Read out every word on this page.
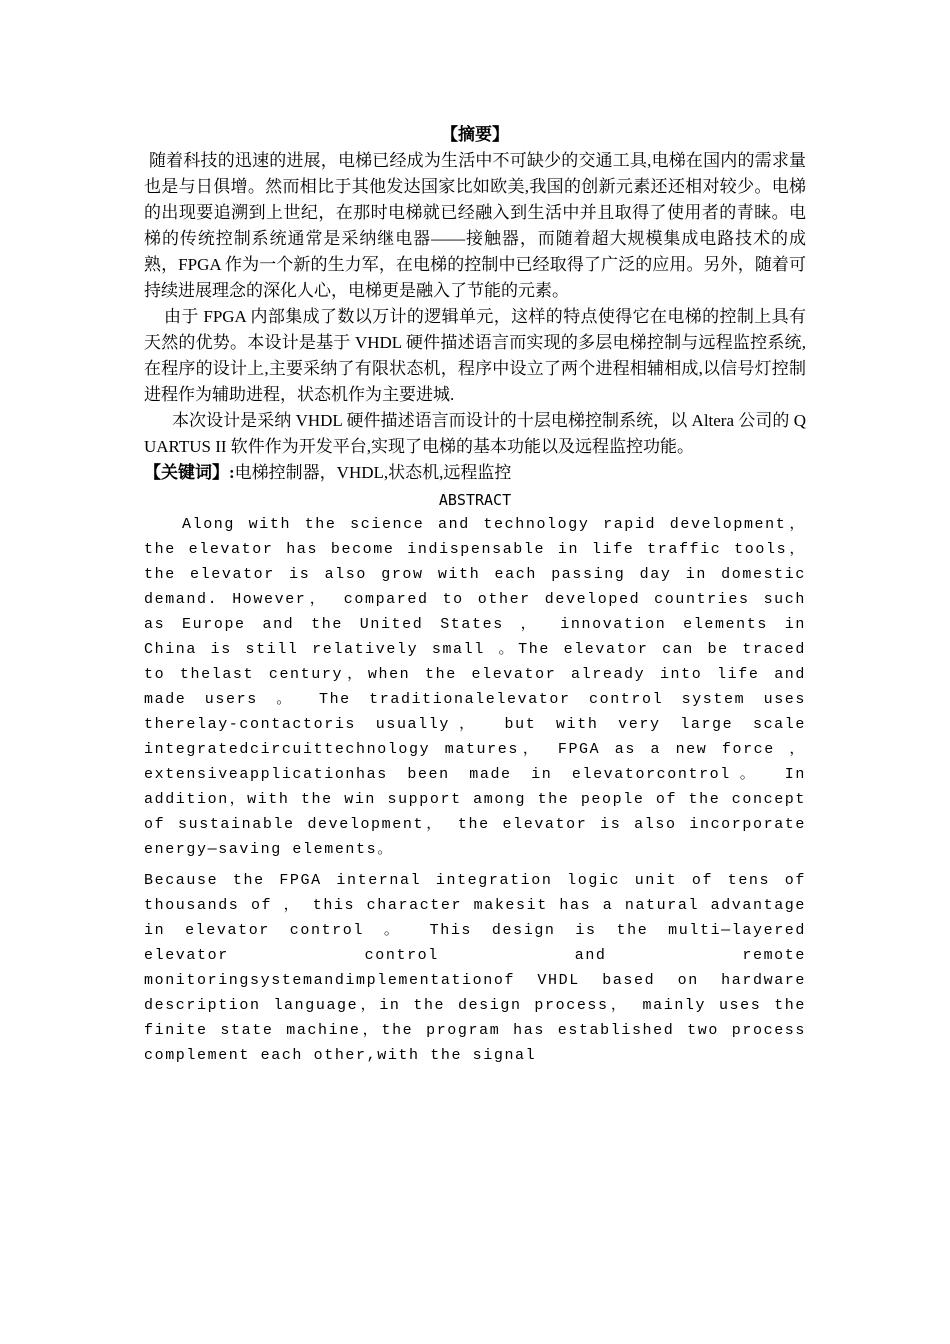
【摘要】

随着科技的迅速的进展，电梯已经成为生活中不可缺少的交通工具,电梯在国内的需求量也是与日俱增。然而相比于其他发达国家比如欧美,我国的创新元素还还相对较少。电梯的出现要追溯到上世纪，在那时电梯就已经融入到生活中并且取得了使用者的青睐。电梯的传统控制系统通常是采纳继电器——接触器，而随着超大规模集成电路技术的成熟，FPGA 作为一个新的生力军，在电梯的控制中已经取得了广泛的应用。另外，随着可持续进展理念的深化人心，电梯更是融入了节能的元素。

由于 FPGA 内部集成了数以万计的逻辑单元，这样的特点使得它在电梯的控制上具有天然的优势。本设计是基于 VHDL 硬件描述语言而实现的多层电梯控制与远程监控系统,在程序的设计上,主要采纳了有限状态机，程序中设立了两个进程相辅相成,以信号灯控制进程作为辅助进程，状态机作为主要进城.

本次设计是采纳 VHDL 硬件描述语言而设计的十层电梯控制系统，以 Altera 公司的 QUARTUS II 软件作为开发平台,实现了电梯的基本功能以及远程监控功能。

【关键词】:电梯控制器，VHDL,状态机,远程监控

ABSTRACT

Along with the science and technology rapid development， the elevator has become indispensable in life traffic tools， the elevator is also grow with each passing day in domestic demand. However， compared to other developed countries such as Europe and the United States ， innovation elements in China is still relatively small 。The elevator can be traced to thelast century，when the elevator already into life and made users 。 The traditionalelevator control system uses therelay-contactoris usually， but with very large scale integratedcircuittechnology matures， FPGA as a new force ， extensiveapplicationhas been made in elevatorcontrol。 In addition，with the win support among the people of the concept of sustainable development， the elevator is also incorporate energy—saving elements。

Because the FPGA internal integration logic unit of tens of thousands of ， this character makesit has a natural advantage in elevator control 。 This design is the multi—layered elevator control and remote monitoringsystemandimplementationof VHDL based on hardware description language，in the design process， mainly uses the finite state machine，the program has established two process complement each other,with the signal
